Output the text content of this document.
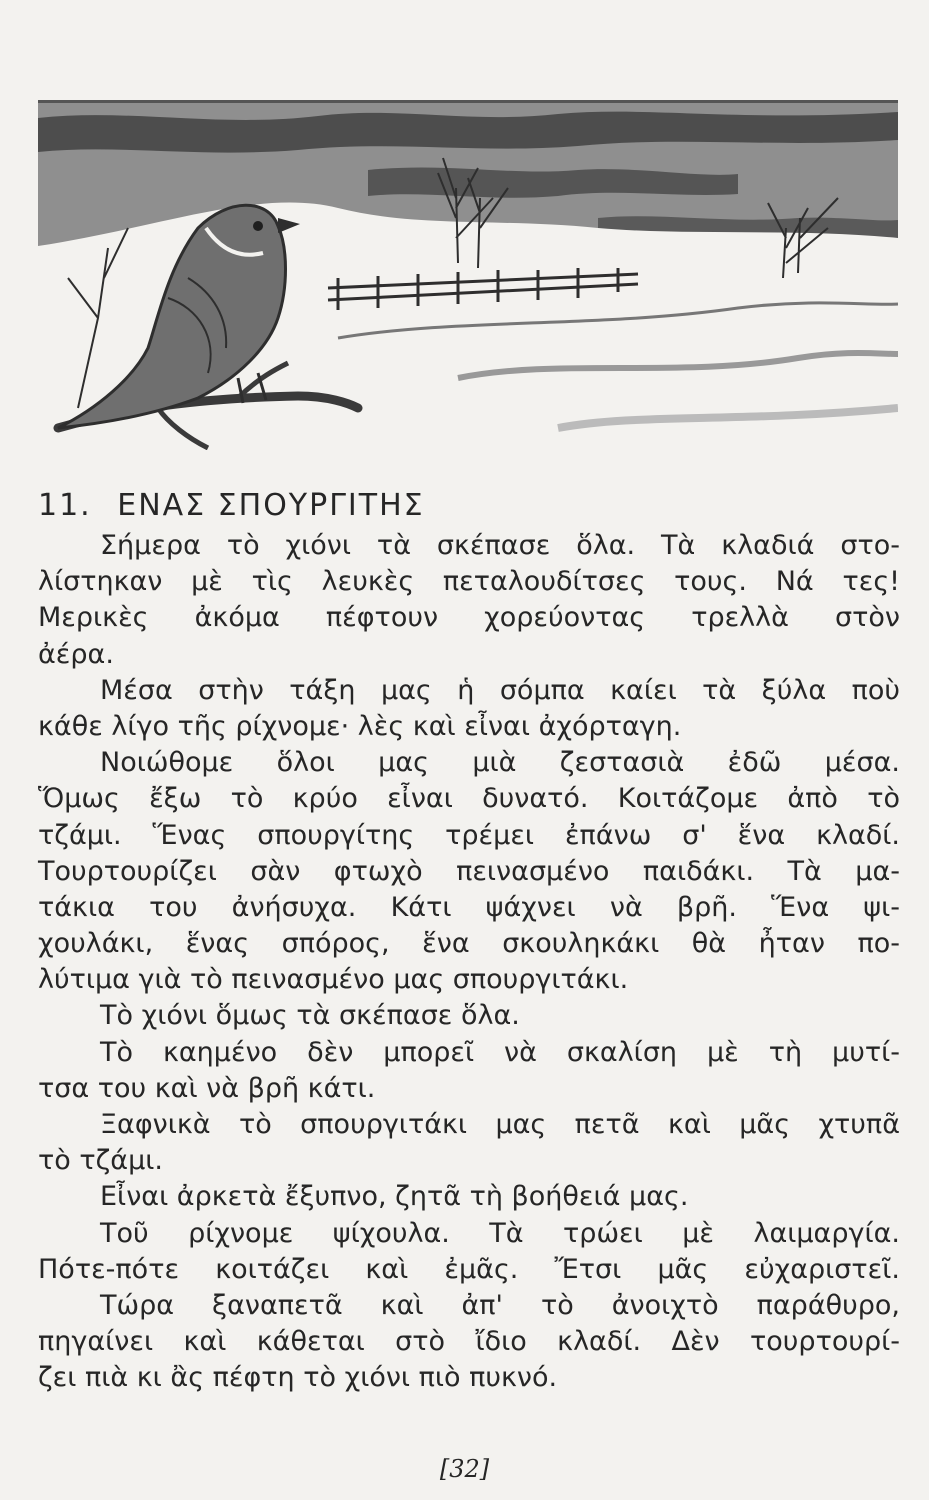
11. ΕΝΑΣ ΣΠΟΥΡΓΙΤΗΣ
Σήμερα τὸ χιόνι τὰ σκέπασε ὅλα. Τὰ κλαδιά στο-
λίστηκαν μὲ τὶς λευκὲς πεταλουδίτσες τους. Νά τες!
Μερικὲς ἀκόμα πέφτουν χορεύοντας τρελλὰ στὸν
ἀέρα.
Μέσα στὴν τάξη μας ἡ σόμπα καίει τὰ ξύλα ποὺ
κάθε λίγο τῆς ρίχνομε· λὲς καὶ εἶναι ἀχόρταγη.
Νοιώθομε ὅλοι μας μιὰ ζεστασιὰ ἐδῶ μέσα.
Ὅμως ἔξω τὸ κρύο εἶναι δυνατό. Κοιτάζομε ἀπὸ τὸ
τζάμι. Ἕνας σπουργίτης τρέμει ἐπάνω σ' ἕνα κλαδί.
Τουρτουρίζει σὰν φτωχὸ πεινασμένο παιδάκι. Τὰ μα-
τάκια του ἀνήσυχα. Κάτι ψάχνει νὰ βρῆ. Ἕνα ψι-
χουλάκι, ἕνας σπόρος, ἕνα σκουληκάκι θὰ ἦταν πο-
λύτιμα γιὰ τὸ πεινασμένο μας σπουργιτάκι.
Τὸ χιόνι ὅμως τὰ σκέπασε ὅλα.
Τὸ καημένο δὲν μπορεῖ νὰ σκαλίση μὲ τὴ μυτί-
τσα του καὶ νὰ βρῆ κάτι.
Ξαφνικὰ τὸ σπουργιτάκι μας πετᾶ καὶ μᾶς χτυπᾶ
τὸ τζάμι.
Εἶναι ἀρκετὰ ἔξυπνο, ζητᾶ τὴ βοήθειά μας.
Τοῦ ρίχνομε ψίχουλα. Τὰ τρώει μὲ λαιμαργία.
Πότε-πότε κοιτάζει καὶ ἐμᾶς. Ἔτσι μᾶς εὐχαριστεῖ.
Τώρα ξαναπετᾶ καὶ ἀπ' τὸ ἀνοιχτὸ παράθυρο,
πηγαίνει καὶ κάθεται στὸ ἴδιο κλαδί. Δὲν τουρτουρί-
ζει πιὰ κι ἂς πέφτη τὸ χιόνι πιὸ πυκνό.
[32]
